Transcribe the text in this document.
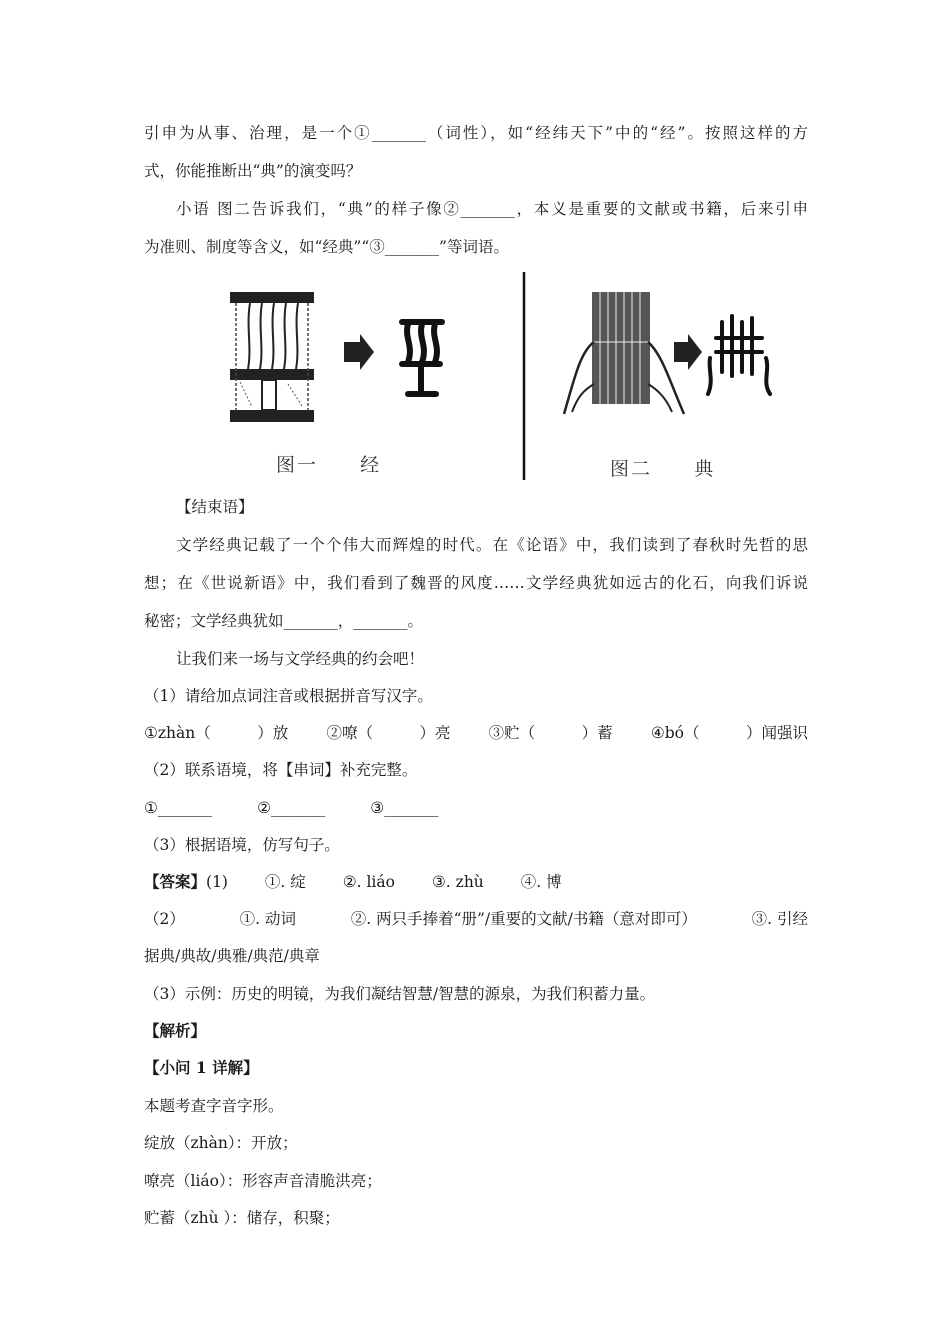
引申为从事、治理，是一个①_______（词性），如“经纬天下”中的“经”。按照这样的方
式，你能推断出“典”的演变吗？
小语 图二告诉我们，“典”的样子像②_______，本义是重要的文献或书籍，后来引申
为准则、制度等含义，如“经典”“③_______”等词语。
图一 经	图二 典
【结束语】
文学经典记载了一个个伟大而辉煌的时代。在《论语》中，我们读到了春秋时先哲的思
想；在《世说新语》中，我们看到了魏晋的风度……文学经典犹如远古的化石，向我们诉说
秘密；文学经典犹如_______，_______。
让我们来一场与文学经典的约会吧！
（1）请给加点词注音或根据拼音写汉字。
①zhàn（　　　）放 ②嘹（　　　）亮 ③贮（　　　）蓄 ④bó（　　　）闻强识
（2）联系语境，将【串词】补充完整。
①_______	②_______	③_______
（3）根据语境，仿写句子。
【答案】(1) ①. 绽 ②. liáo ③. zhù ④. 博
（2）	①. 动词	②. 两只手捧着“册”/重要的文献/书籍（意对即可）	③. 引经
据典/典故/典雅/典范/典章
（3）示例：历史的明镜，为我们凝结智慧/智慧的源泉，为我们积蓄力量。
【解析】
【小问 1 详解】
本题考查字音字形。
绽放（zhàn）：开放；
嘹亮（liáo）：形容声音清脆洪亮；
贮蓄（zhù ）：储存，积聚；
